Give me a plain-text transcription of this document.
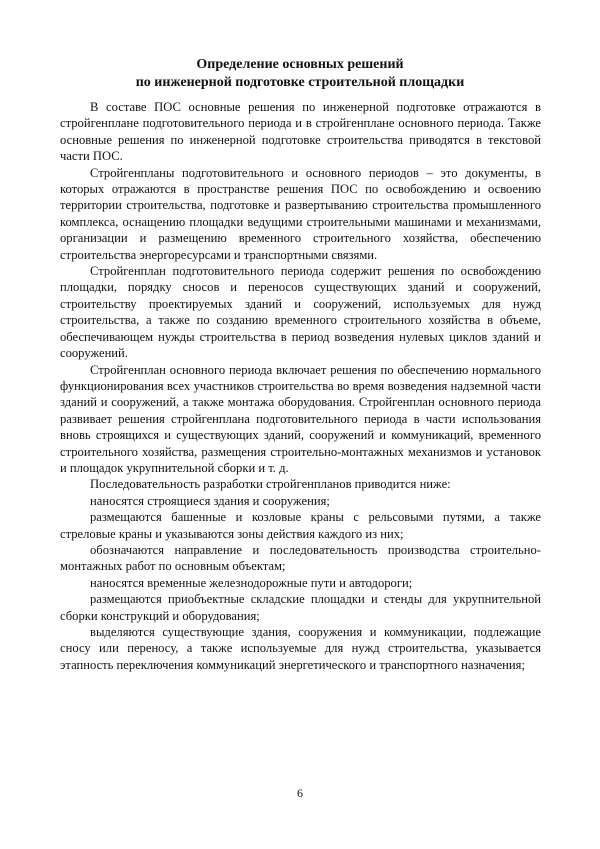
Определение основных решений
по инженерной подготовке строительной площадки

В составе ПОС основные решения по инженерной подготовке отражаются в стройгенплане подготовительного периода и в стройгенплане основного периода. Также основные решения по инженерной подготовке строительства приводятся в текстовой части ПОС.

Стройгенпланы подготовительного и основного периодов – это документы, в которых отражаются в пространстве решения ПОС по освобождению и освоению территории строительства, подготовке и развертыванию строительства промышленного комплекса, оснащению площадки ведущими строительными машинами и механизмами, организации и размещению временного строительного хозяйства, обеспечению строительства энергоресурсами и транспортными связями.

Стройгенплан подготовительного периода содержит решения по освобождению площадки, порядку сносов и переносов существующих зданий и сооружений, строительству проектируемых зданий и сооружений, используемых для нужд строительства, а также по созданию временного строительного хозяйства в объеме, обеспечивающем нужды строительства в период возведения нулевых циклов зданий и сооружений.

Стройгенплан основного периода включает решения по обеспечению нормального функционирования всех участников строительства во время возведения надземной части зданий и сооружений, а также монтажа оборудования. Стройгенплан основного периода развивает решения стройгенплана подготовительного периода в части использования вновь строящихся и существующих зданий, сооружений и коммуникаций, временного строительного хозяйства, размещения строительно-монтажных механизмов и установок и площадок укрупнительной сборки и т. д.

Последовательность разработки стройгенпланов приводится ниже:

наносятся строящиеся здания и сооружения;

размещаются башенные и козловые краны с рельсовыми путями, а также стреловые краны и указываются зоны действия каждого из них;

обозначаются направление и последовательность производства строительно-монтажных работ по основным объектам;

наносятся временные железнодорожные пути и автодороги;

размещаются приобъектные складские площадки и стенды для укрупнительной сборки конструкций и оборудования;

выделяются существующие здания, сооружения и коммуникации, подлежащие сносу или переносу, а также используемые для нужд строительства, указывается этапность переключения коммуникаций энергетического и транспортного назначения;

6
